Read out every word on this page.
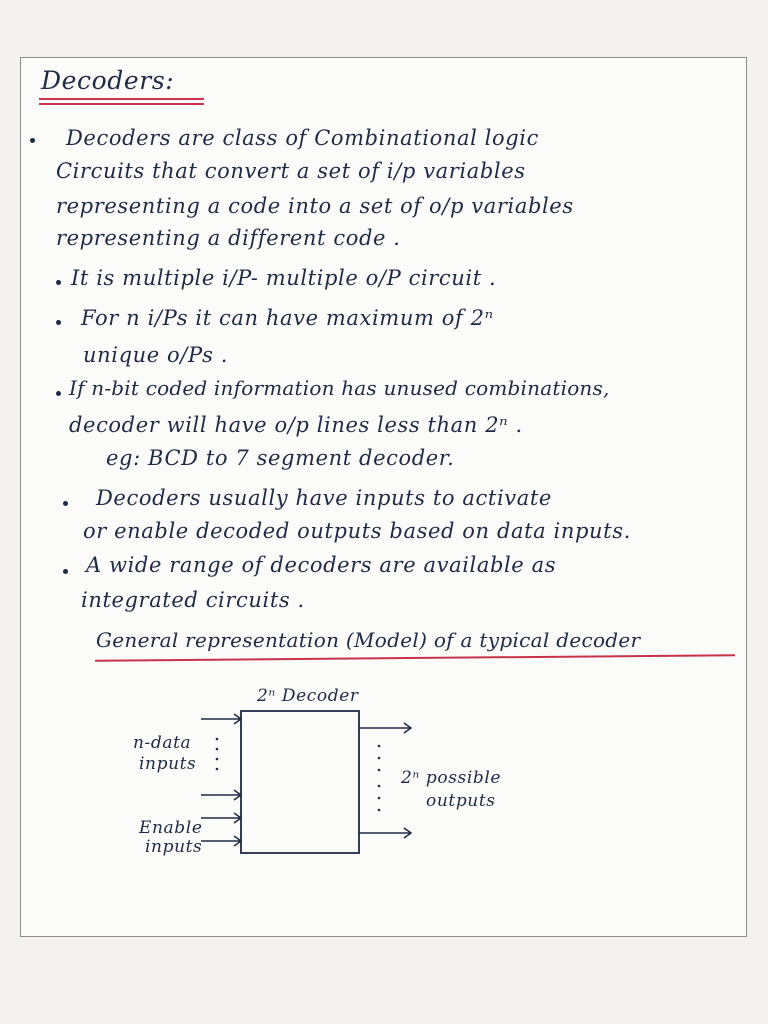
Decoders:
Decoders are class of Combinational logic
Circuits that convert a set of i/p variables
representing a code into a set of o/p variables
representing a different code .
It is multiple i/P- multiple o/P circuit .
For n i/Ps it can have maximum of 2ⁿ
unique o/Ps .
If n-bit coded information has unused combinations,
decoder will have o/p lines less than 2ⁿ .
eg: BCD to 7 segment decoder.
Decoders usually have inputs to activate
or enable decoded outputs based on data inputs.
A wide range of decoders are available as
integrated circuits .
General representation (Model) of a typical decoder
2ⁿ Decoder
n-data
inputs
Enable
inputs
2ⁿ possible
outputs
